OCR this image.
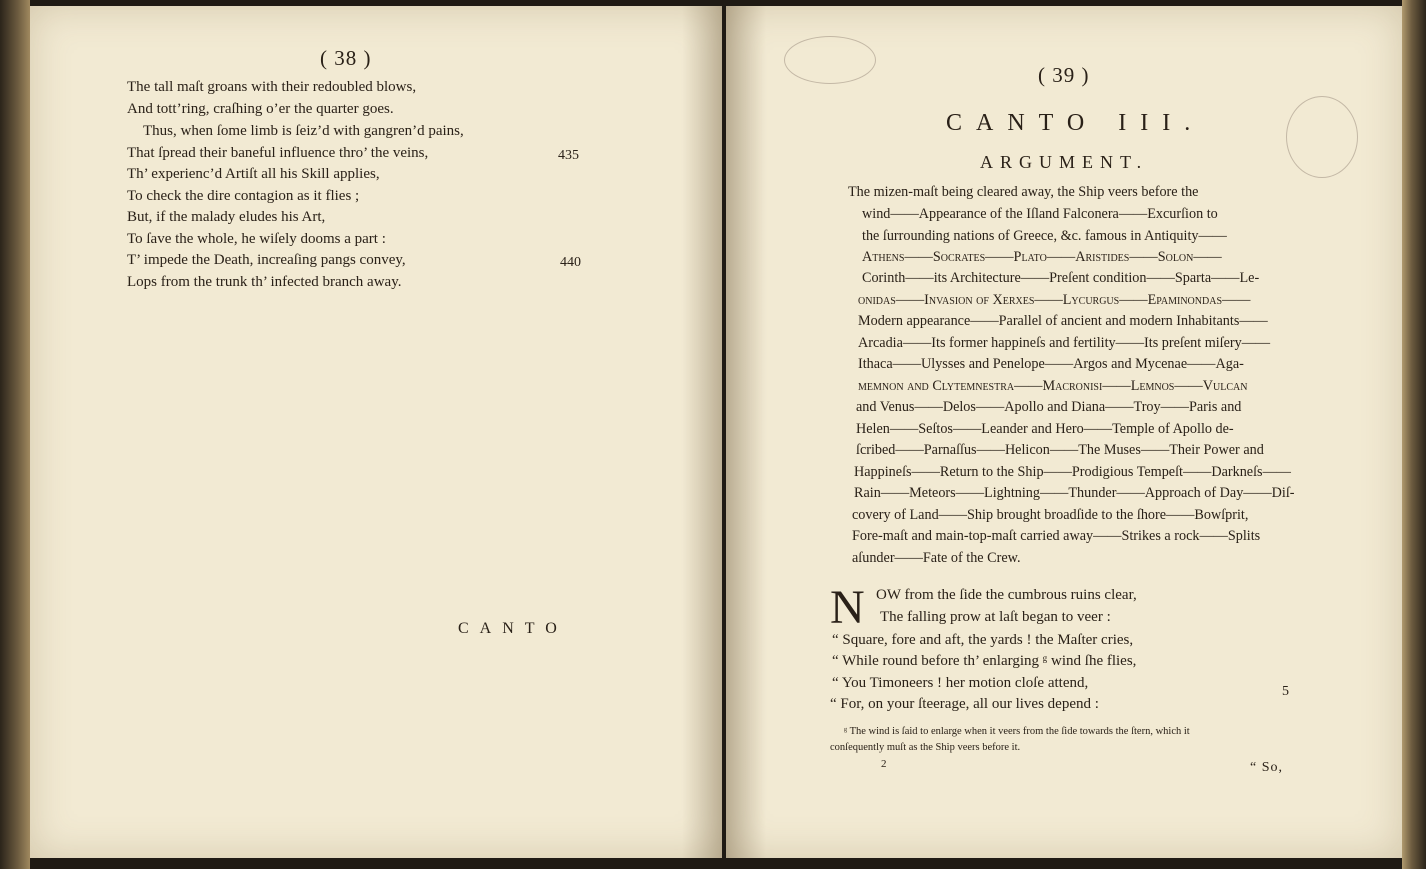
( 38 )
The tall maſt groans with their redoubled blows,
And tott’ring, craſhing o’er the quarter goes.
Thus, when ſome limb is ſeiz’d with gangren’d pains,
That ſpread their baneful influence thro’ the veins,
Th’ experienc’d Artiſt all his Skill applies,
To check the dire contagion as it flies ;
But, if the malady eludes his Art,
To ſave the whole, he wiſely dooms a part :
T’ impede the Death, increaſing pangs convey,
Lops from the trunk th’ infected branch away.
435
440
CANTO
( 39 )
CANTO III.
ARGUMENT.
The mizen-maſt being cleared away, the Ship veers before the
wind——Appearance of the Iſland Falconera——Excurſion to
the ſurrounding nations of Greece, &c. famous in Antiquity——
Athens——Socrates——Plato——Aristides——Solon——
Corinth——its Architecture——Preſent condition——Sparta——Le-
onidas——Invaſion of Xerxes——Lycurgus——Epaminondas——
Modern appearance——Parallel of ancient and modern Inhabitants——
Arcadia——Its former happineſs and fertility——Its preſent miſery——
Ithaca——Ulysses and Penelope——Argos and Mycenae——Aga-
memnon and Clytemnestra——Macroniſi——Lemnos——Vulcan
and Venus——Delos——Apollo and Diana——Troy——Paris and
Helen——Seſtos——Leander and Hero——Temple of Apollo de-
ſcribed——Parnaſſus——Helicon——The Muses——Their Power and
Happineſs——Return to the Ship——Prodigious Tempeſt——Darkneſs——
Rain——Meteors——Lightning——Thunder——Approach of Day——Diſ-
covery of Land——Ship brought broadſide to the ſhore——Bowſprit,
Fore-maſt and main-top-maſt carried away——Strikes a rock——Splits
aſunder——Fate of the Crew.
N OW from the ſide the cumbrous ruins clear,
The falling prow at laſt began to veer :
“ Square, fore and aft, the yards ! the Maſter cries,
“ While round before th’ enlarging ᵍ wind ſhe flies,
“ You Timoneers ! her motion cloſe attend,
“ For, on your ſteerage, all our lives depend :
5
ᵍ The wind is ſaid to enlarge when it veers from the ſide towards the ſtern, which it
conſequently muſt as the Ship veers before it.
2	“ So,
